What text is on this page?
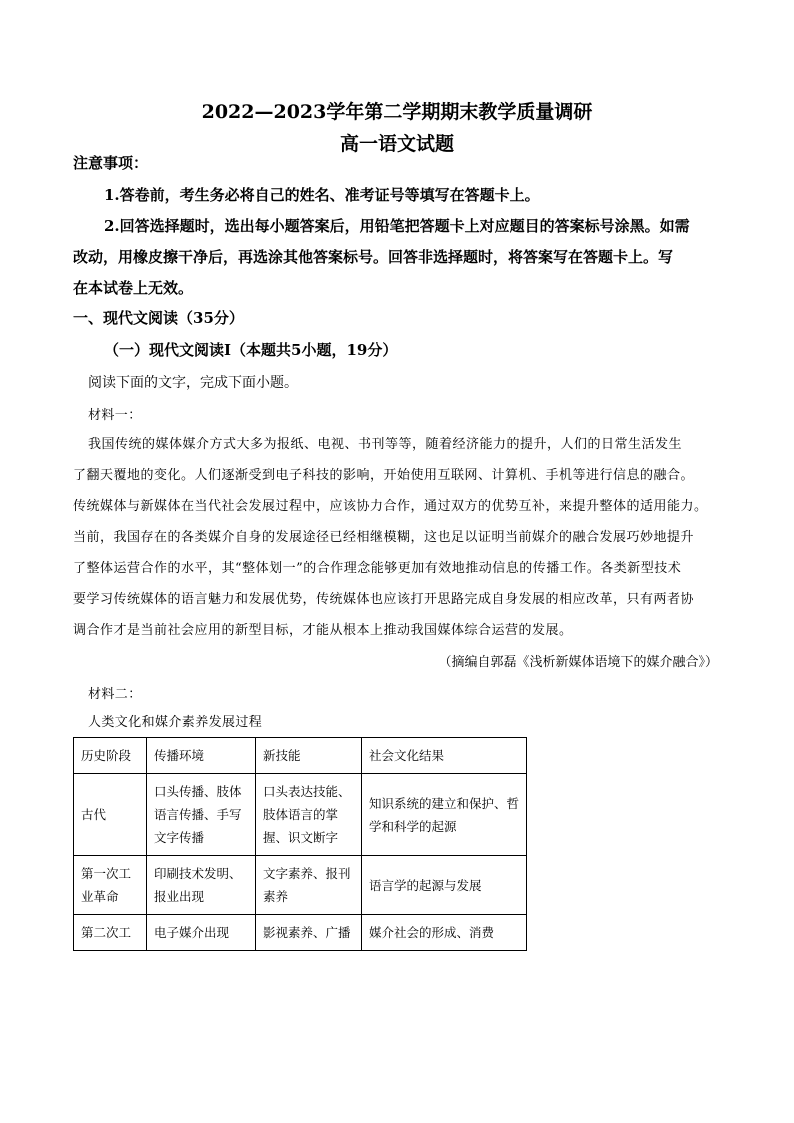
2022—2023学年第二学期期末教学质量调研
高一语文试题
注意事项：
1.答卷前，考生务必将自己的姓名、准考证号等填写在答题卡上。
2.回答选择题时，选出每小题答案后，用铅笔把答题卡上对应题目的答案标号涂黑。如需
改动，用橡皮擦干净后，再选涂其他答案标号。回答非选择题时，将答案写在答题卡上。写
在本试卷上无效。
一、现代文阅读（35分）
（一）现代文阅读Ⅰ（本题共5小题，19分）
阅读下面的文字，完成下面小题。
材料一：
我国传统的媒体媒介方式大多为报纸、电视、书刊等等，随着经济能力的提升，人们的日常生活发生
了翻天覆地的变化。人们逐渐受到电子科技的影响，开始使用互联网、计算机、手机等进行信息的融合。
传统媒体与新媒体在当代社会发展过程中，应该协力合作，通过双方的优势互补，来提升整体的适用能力。
当前，我国存在的各类媒介自身的发展途径已经相继模糊，这也足以证明当前媒介的融合发展巧妙地提升
了整体运营合作的水平，其“整体划一”的合作理念能够更加有效地推动信息的传播工作。各类新型技术
要学习传统媒体的语言魅力和发展优势，传统媒体也应该打开思路完成自身发展的相应改革，只有两者协
调合作才是当前社会应用的新型目标，才能从根本上推动我国媒体综合运营的发展。
（摘编自郭磊《浅析新媒体语境下的媒介融合》）
材料二：
人类文化和媒介素养发展过程
历史阶段	传播环境	新技能	社会文化结果
古代	口头传播、肢体语言传播、手写文字传播	口头表达技能、肢体语言的掌握、识文断字	知识系统的建立和保护、哲学和科学的起源
第一次工业革命	印刷技术发明、报业出现	文字素养、报刊素养	语言学的起源与发展
第二次工	电子媒介出现	影视素养、广播	媒介社会的形成、消费
